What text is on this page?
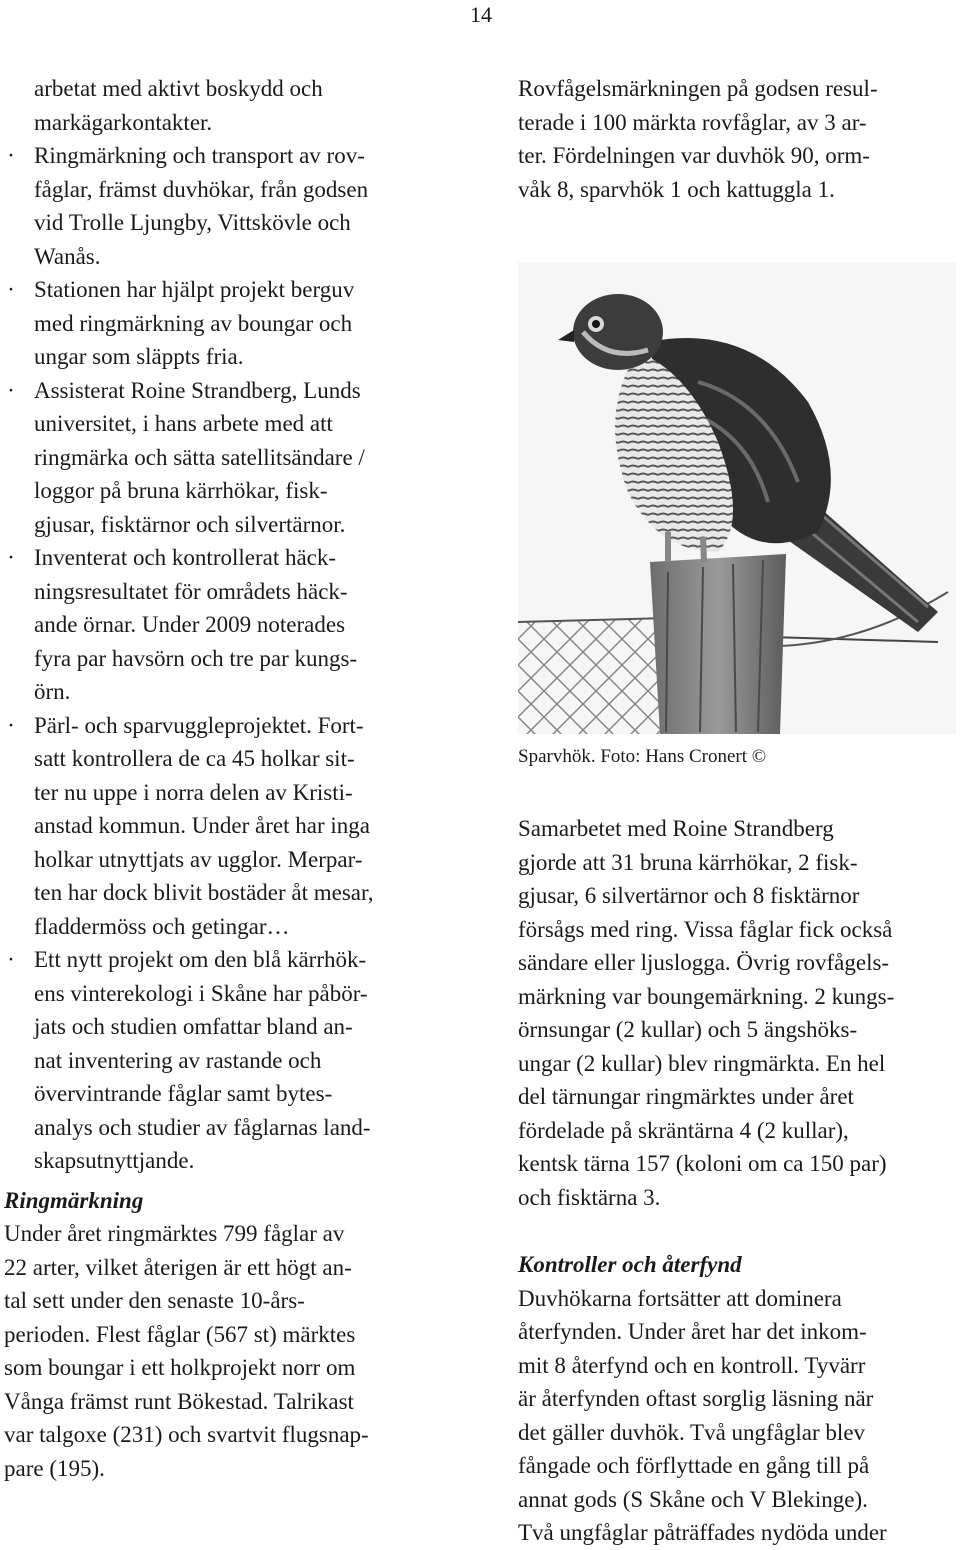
14
arbetat med aktivt boskydd och
markägarkontakter.
· Ringmärkning och transport av rov-
fåglar, främst duvhökar, från godsen
vid Trolle Ljungby, Vittskövle och
Wanås.
· Stationen har hjälpt projekt berguv
med ringmärkning av boungar och
ungar som släppts fria.
· Assisterat Roine Strandberg, Lunds
universitet, i hans arbete med att
ringmärka och sätta satellitsändare /
loggor på bruna kärrhökar, fisk-
gjusar, fisktärnor och silvertärnor.
· Inventerat och kontrollerat häck-
ningsresultatet för områdets häck-
ande örnar. Under 2009 noterades
fyra par havsörn och tre par kungs-
örn.
· Pärl- och sparvuggleprojektet. Fort-
satt kontrollera de ca 45 holkar sit-
ter nu uppe i norra delen av Kristi-
anstad kommun. Under året har inga
holkar utnyttjats av ugglor. Merpar-
ten har dock blivit bostäder åt mesar,
fladdermöss och getingar…
· Ett nytt projekt om den blå kärrhök-
ens vinterekologi i Skåne har påbör-
jats och studien omfattar bland an-
nat inventering av rastande och
övervintrande fåglar samt bytes-
analys och studier av fåglarnas land-
skapsutnyttjande.
Ringmärkning
Under året ringmärktes 799 fåglar av
22 arter, vilket återigen är ett högt an-
tal sett under den senaste 10-års-
perioden. Flest fåglar (567 st) märktes
som boungar i ett holkprojekt norr om
Vånga främst runt Bökestad. Talrikast
var talgoxe (231) och svartvit flugsnap-
pare (195).
Rovfågelsmärkningen på godsen resul-
terade i 100 märkta rovfåglar, av 3 ar-
ter. Fördelningen var duvhök 90, orm-
våk 8, sparvhök 1 och kattuggla 1.
Sparvhök. Foto: Hans Cronert ©
Samarbetet med Roine Strandberg
gjorde att 31 bruna kärrhökar, 2 fisk-
gjusar, 6 silvertärnor och 8 fisktärnor
försågs med ring. Vissa fåglar fick också
sändare eller ljuslogga. Övrig rovfågels-
märkning var boungemärkning. 2 kungs-
örnsungar (2 kullar) och 5 ängshöks-
ungar (2 kullar) blev ringmärkta. En hel
del tärnungar ringmärktes under året
fördelade på skräntärna 4 (2 kullar),
kentsk tärna 157 (koloni om ca 150 par)
och fisktärna 3.
Kontroller och återfynd
Duvhökarna fortsätter att dominera
återfynden. Under året har det inkom-
mit 8 återfynd och en kontroll. Tyvärr
är återfynden oftast sorglig läsning när
det gäller duvhök. Två ungfåglar blev
fångade och förflyttade en gång till på
annat gods (S Skåne och V Blekinge).
Två ungfåglar påträffades nydöda under
